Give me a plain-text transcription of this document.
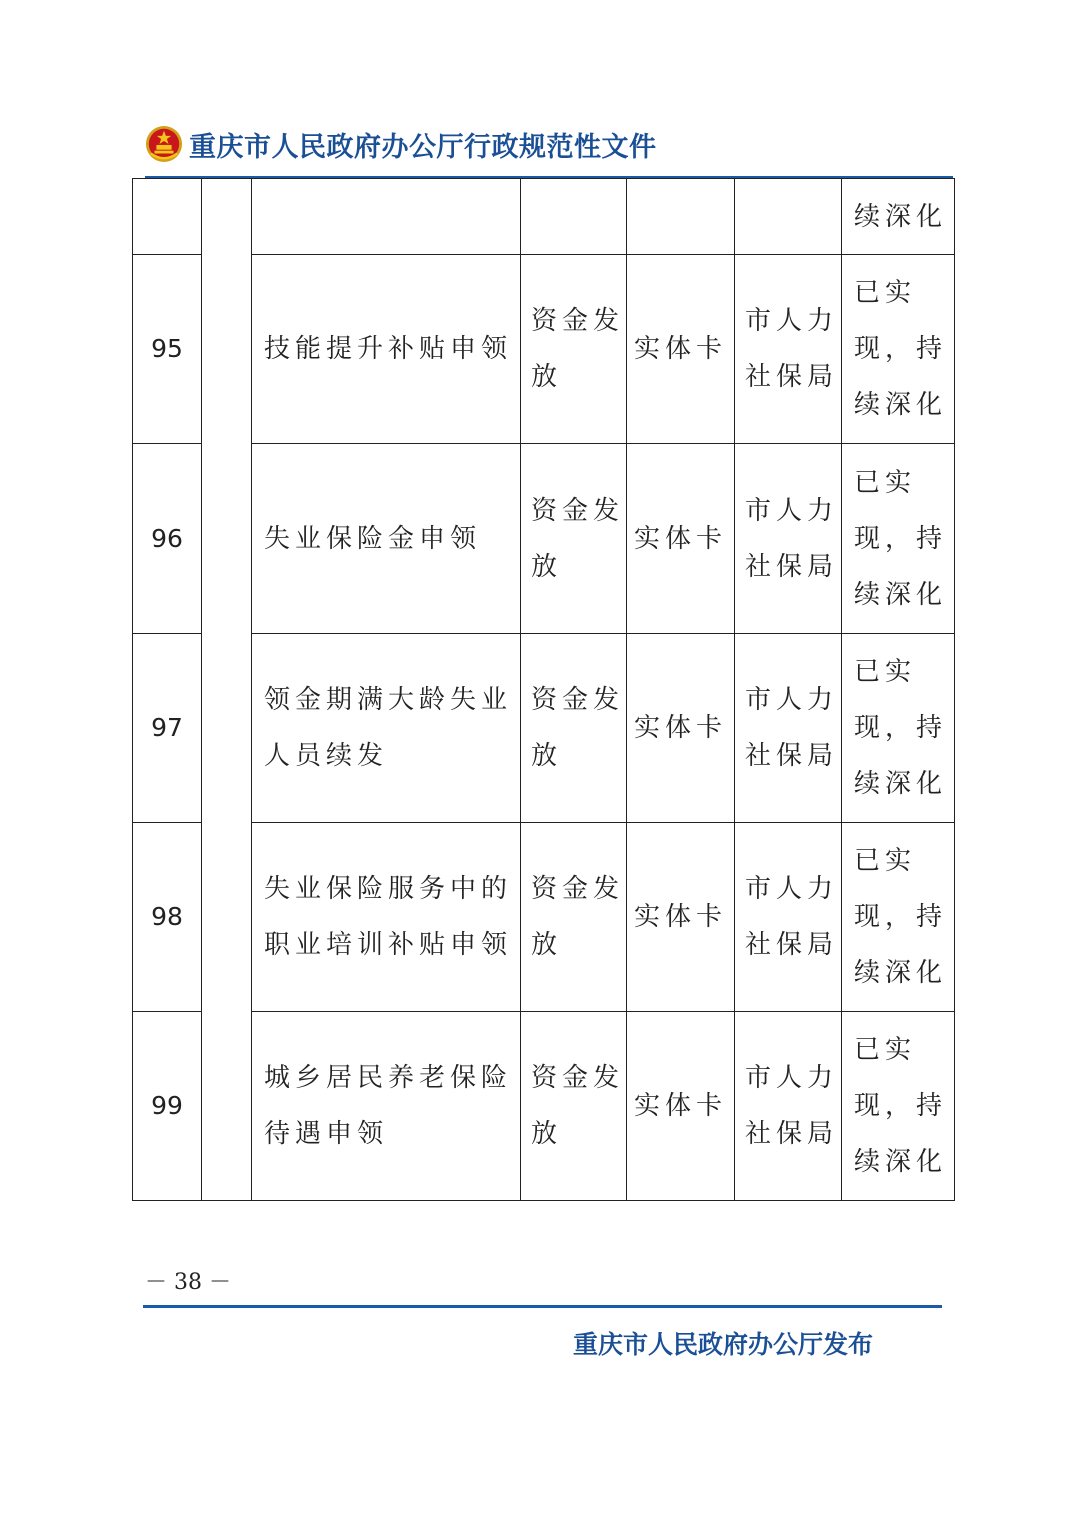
重庆市人民政府办公厅行政规范性文件
						续深化
95		技能提升补贴申领	资金发放	实体卡	市人力社保局	已实现，持续深化
96		失业保险金申领	资金发放	实体卡	市人力社保局	已实现，持续深化
97		领金期满大龄失业人员续发	资金发放	实体卡	市人力社保局	已实现，持续深化
98		失业保险服务中的职业培训补贴申领	资金发放	实体卡	市人力社保局	已实现，持续深化
99		城乡居民养老保险待遇申领	资金发放	实体卡	市人力社保局	已实现，持续深化
－ 38 －
重庆市人民政府办公厅发布
